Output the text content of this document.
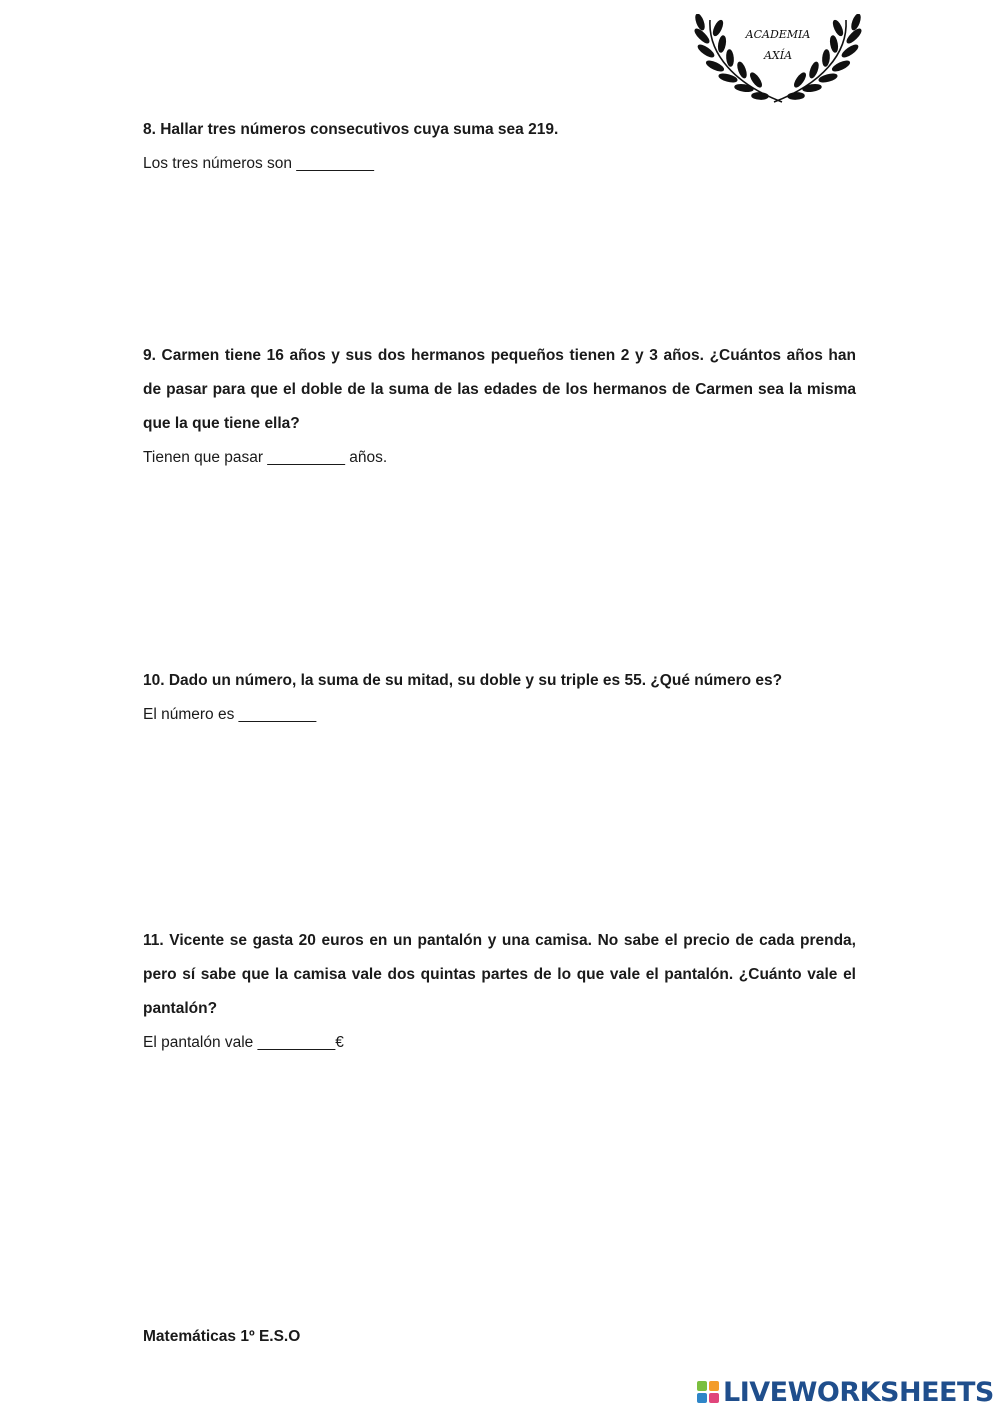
ACADEMIA
AXÍA

8. Hallar tres números consecutivos cuya suma sea 219.

Los tres números son _________

9. Carmen tiene 16 años y sus dos hermanos pequeños tienen 2 y 3 años. ¿Cuántos años han de pasar para que el doble de la suma de las edades de los hermanos de Carmen sea la misma que la que tiene ella?

Tienen que pasar _________ años.

10. Dado un número, la suma de su mitad, su doble y su triple es 55. ¿Qué número es?

El número es _________

11. Vicente se gasta 20 euros en un pantalón y una camisa. No sabe el precio de cada prenda, pero sí sabe que la camisa vale dos quintas partes de lo que vale el pantalón. ¿Cuánto vale el pantalón?

El pantalón vale _________€

Matemáticas 1º E.S.O
LIVEWORKSHEETS
